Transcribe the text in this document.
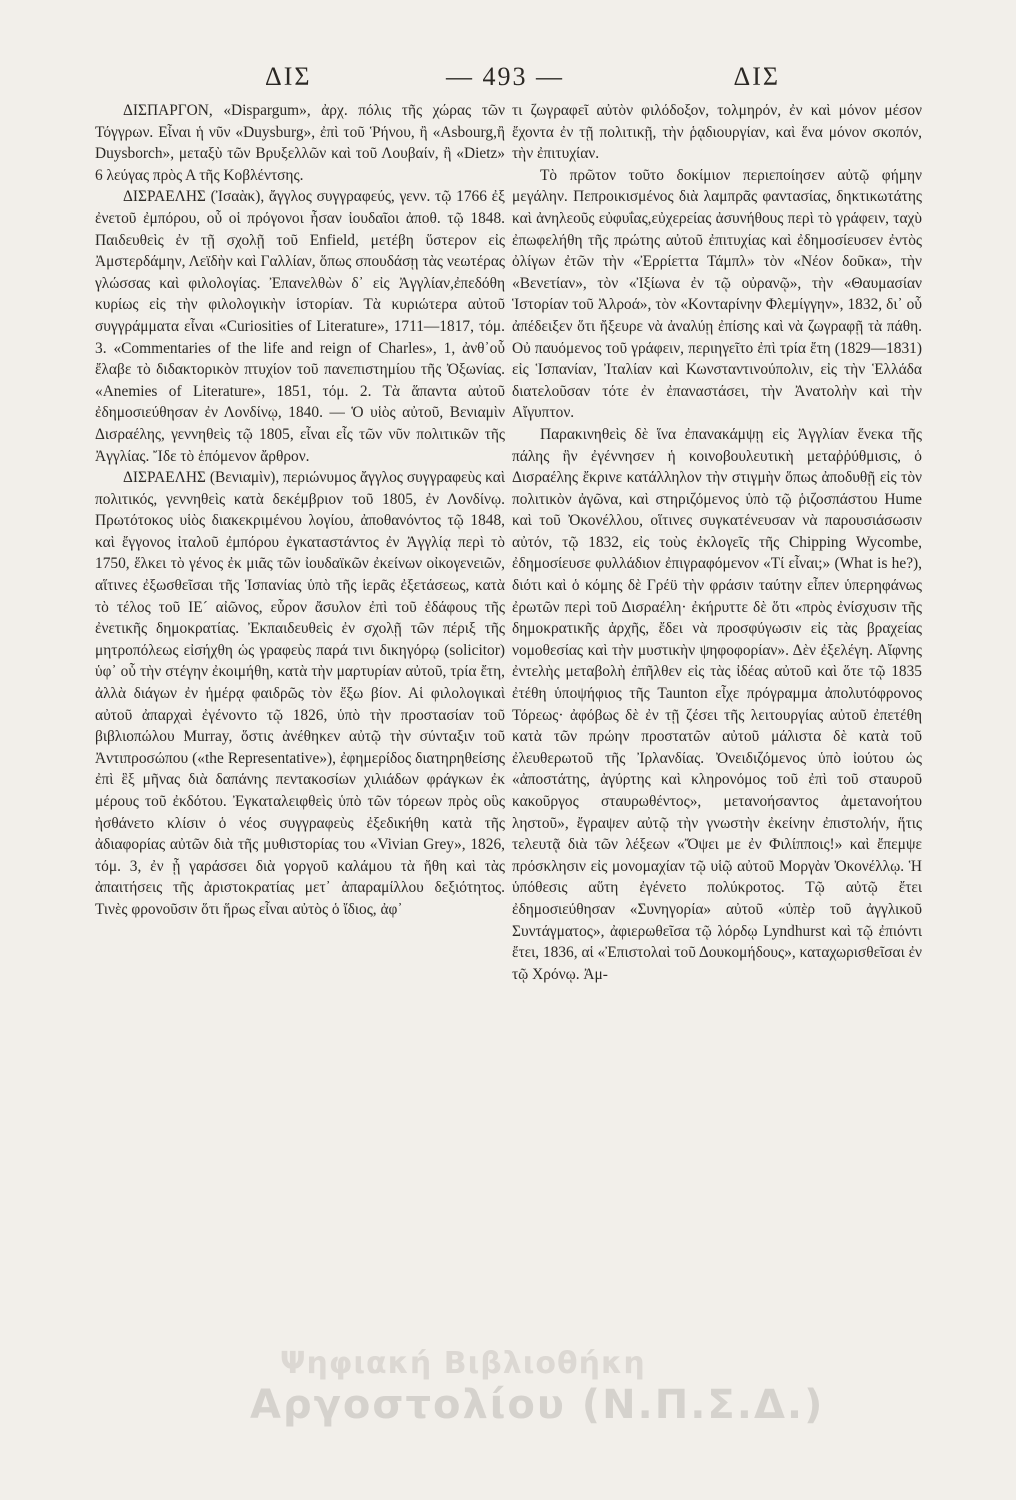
ΔΙΣ	— 493 —	ΔΙΣ

ΔΙΣΠΑΡΓΟΝ, «Dispargum», ἀρχ. πόλις τῆς χώρας τῶν Τόγγρων. Εἶναι ἡ νῦν «Duysburg», ἐπὶ τοῦ Ῥήνου, ἢ «Asbourg,ἢ Duysborch», μεταξὺ τῶν Βρυξελλῶν καὶ τοῦ Λουβαίν, ἢ «Dietz» 6 λεύγας πρὸς Α τῆς Κοβλέντσης.

ΔΙΣΡΑΕΛΗΣ (Ἰσαὰκ), ἄγγλος συγγραφεύς, γενν. τῷ 1766 ἐξ ἐνετοῦ ἐμπόρου, οὗ οἱ πρόγονοι ἦσαν ἰουδαῖοι ἀποθ. τῷ 1848. Παιδευθεὶς ἐν τῇ σχολῇ τοῦ Enfield, μετέβη ὕστερον εἰς Ἀμστερδάμην, Λεϊδὴν καὶ Γαλλίαν, ὅπως σπουδάσῃ τὰς νεωτέρας γλώσσας καὶ φιλολογίας. Ἐπανελθὼν δ᾽ εἰς Ἀγγλίαν,ἐπεδόθη κυρίως εἰς τὴν φιλολογικὴν ἱστορίαν. Τὰ κυριώτερα αὐτοῦ συγγράμματα εἶναι «Curiosities of Literature», 1711—1817, τόμ. 3. «Commentaries of the life and reign of Charles», 1, ἀνθ᾽οὗ ἔλαβε τὸ διδακτορικὸν πτυχίον τοῦ πανεπιστημίου τῆς Ὀξωνίας. «Anemies of Literature», 1851, τόμ. 2. Τὰ ἅπαντα αὐτοῦ ἐδημοσιεύθησαν ἐν Λονδίνῳ, 1840. — Ὁ υἱὸς αὐτοῦ, Βενιαμὶν Δισραέλης, γεννηθεὶς τῷ 1805, εἶναι εἷς τῶν νῦν πολιτικῶν τῆς Ἀγγλίας. Ἴδε τὸ ἑπόμενον ἄρθρον.

ΔΙΣΡΑΕΛΗΣ (Βενιαμὶν), περιώνυμος ἄγγλος συγγραφεὺς καὶ πολιτικός, γεννηθεὶς κατὰ δεκέμβριον τοῦ 1805, ἐν Λονδίνῳ. Πρωτότοκος υἱὸς διακεκριμένου λογίου, ἀποθανόντος τῷ 1848, καὶ ἔγγονος ἰταλοῦ ἐμπόρου ἐγκαταστάντος ἐν Ἀγγλίᾳ περὶ τὸ 1750, ἕλκει τὸ γένος ἐκ μιᾶς τῶν ἰουδαϊκῶν ἐκείνων οἰκογενειῶν, αἵτινες ἐξωσθεῖσαι τῆς Ἱσπανίας ὑπὸ τῆς ἱερᾶς ἐξετάσεως, κατὰ τὸ τέλος τοῦ ΙΕ´ αἰῶνος, εὗρον ἄσυλον ἐπὶ τοῦ ἐδάφους τῆς ἐνετικῆς δημοκρατίας. Ἐκπαιδευθεὶς ἐν σχολῇ τῶν πέριξ τῆς μητροπόλεως εἰσήχθη ὡς γραφεὺς παρά τινι δικηγόρῳ (solicitor) ὑφ᾽ οὗ τὴν στέγην ἐκοιμήθη, κατὰ τὴν μαρτυρίαν αὐτοῦ, τρία ἔτη, ἀλλὰ διάγων ἐν ἡμέρᾳ φαιδρῶς τὸν ἔξω βίον. Αἱ φιλολογικαὶ αὐτοῦ ἀπαρχαὶ ἐγένοντο τῷ 1826, ὑπὸ τὴν προστασίαν τοῦ βιβλιοπώλου Murray, ὅστις ἀνέθηκεν αὐτῷ τὴν σύνταξιν τοῦ Ἀντιπροσώπου («the Representative»), ἐφημερίδος διατηρηθείσης ἐπὶ ἓξ μῆνας διὰ δαπάνης πεντακοσίων χιλιάδων φράγκων ἐκ μέρους τοῦ ἐκδότου. Ἐγκαταλειφθεὶς ὑπὸ τῶν τόρεων πρὸς οὓς ἠσθάνετο κλίσιν ὁ νέος συγγραφεὺς ἐξεδικήθη κατὰ τῆς ἀδιαφορίας αὐτῶν διὰ τῆς μυθιστορίας του «Vivian Grey», 1826, τόμ. 3, ἐν ᾗ γαράσσει διὰ γοργοῦ καλάμου τὰ ἤθη καὶ τὰς ἀπαιτήσεις τῆς ἀριστοκρατίας μετ᾽ ἀπαραμίλλου δεξιότητος. Τινὲς φρονοῦσιν ὅτι ἥρως εἶναι αὐτὸς ὁ ἴδιος, ἀφ᾽

τι ζωγραφεῖ αὐτὸν φιλόδοξον, τολμηρόν, ἐν καὶ μόνον μέσον ἔχοντα ἐν τῇ πολιτικῇ, τὴν ῥᾳδιουργίαν, καὶ ἕνα μόνον σκοπόν, τὴν ἐπιτυχίαν.

Τὸ πρῶτον τοῦτο δοκίμιον περιεποίησεν αὐτῷ φήμην μεγάλην. Πεπροικισμένος διὰ λαμπρᾶς φαντασίας, δηκτικωτάτης καὶ ἀνηλεοῦς εὐφυΐας,εὐχερείας ἀσυνήθους περὶ τὸ γράφειν, ταχὺ ἐπωφελήθη τῆς πρώτης αὐτοῦ ἐπιτυχίας καὶ ἐδημοσίευσεν ἐντὸς ὀλίγων ἐτῶν τὴν «Ἐρρίεττα Τάμπλ» τὸν «Νέον δοῦκα», τὴν «Βενετίαν», τὸν «Ἰξίωνα ἐν τῷ οὐρανῷ», τὴν «Θαυμασίαν Ἱστορίαν τοῦ Ἀλροά», τὸν «Κονταρίνην Φλεμίγγην», 1832, δι᾽ οὗ ἀπέδειξεν ὅτι ἤξευρε νὰ ἀναλύῃ ἐπίσης καὶ νὰ ζωγραφῇ τὰ πάθη. Οὐ παυόμενος τοῦ γράφειν, περιηγεῖτο ἐπὶ τρία ἔτη (1829—1831) εἰς Ἱσπανίαν, Ἰταλίαν καὶ Κωνσταντινούπολιν, εἰς τὴν Ἑλλάδα διατελοῦσαν τότε ἐν ἐπαναστάσει, τὴν Ἀνατολὴν καὶ τὴν Αἴγυπτον.

Παρακινηθεὶς δὲ ἵνα ἐπανακάμψῃ εἰς Ἀγγλίαν ἕνεκα τῆς πάλης ἣν ἐγέννησεν ἡ κοινοβουλευτικὴ μεταῤῥύθμισις, ὁ Δισραέλης ἔκρινε κατάλληλον τὴν στιγμὴν ὅπως ἀποδυθῇ εἰς τὸν πολιτικὸν ἀγῶνα, καὶ στηριζόμενος ὑπὸ τῷ ῥιζοσπάστου Hume καὶ τοῦ Ὀκονέλλου, οἵτινες συγκατένευσαν νὰ παρουσιάσωσιν αὐτόν, τῷ 1832, εἰς τοὺς ἐκλογεῖς τῆς Chipping Wycombe, ἐδημοσίευσε φυλλάδιον ἐπιγραφόμενον «Τί εἶναι;» (What is he?), διότι καὶ ὁ κόμης δὲ Γρέϋ τὴν φράσιν ταύτην εἶπεν ὑπερηφάνως ἐρωτῶν περὶ τοῦ Δισραέλη· ἐκήρυττε δὲ ὅτι «πρὸς ἐνίσχυσιν τῆς δημοκρατικῆς ἀρχῆς, ἔδει νὰ προσφύγωσιν εἰς τὰς βραχείας νομοθεσίας καὶ τὴν μυστικὴν ψηφοφορίαν». Δὲν ἐξελέγη. Αἴφνης ἐντελὴς μεταβολὴ ἐπῆλθεν εἰς τὰς ἰδέας αὐτοῦ καὶ ὅτε τῷ 1835 ἐτέθη ὑποψήφιος τῆς Taunton εἶχε πρόγραμμα ἀπολυτόφρονος Τόρεως· ἀφόβως δὲ ἐν τῇ ζέσει τῆς λειτουργίας αὐτοῦ ἐπετέθη κατὰ τῶν πρώην προστατῶν αὐτοῦ μάλιστα δὲ κατὰ τοῦ ἐλευθερωτοῦ τῆς Ἰρλανδίας. Ὀνειδιζόμενος ὑπὸ ἰούτου ὡς «ἀποστάτης, ἀγύρτης καὶ κληρονόμος τοῦ ἐπὶ τοῦ σταυροῦ κακοῦργος σταυρωθέντος», μετανοήσαντος ἀμετανοήτου ληστοῦ», ἔγραψεν αὐτῷ τὴν γνωστὴν ἐκείνην ἐπιστολήν, ἥτις τελευτᾷ διὰ τῶν λέξεων «Ὄψει με ἐν Φιλίπποις!» καὶ ἔπεμψε πρόσκλησιν εἰς μονομαχίαν τῷ υἱῷ αὐτοῦ Μοργὰν Ὀκονέλλῳ. Ἡ ὑπόθεσις αὕτη ἐγένετο πολύκροτος. Τῷ αὐτῷ ἔτει ἐδημοσιεύθησαν «Συνηγορία» αὐτοῦ «ὑπὲρ τοῦ ἀγγλικοῦ Συντάγματος», ἀφιερωθεῖσα τῷ λόρδῳ Lyndhurst καὶ τῷ ἐπιόντι ἔτει, 1836, αἱ «Ἐπιστολαὶ τοῦ Δουκομήδους», καταχωρισθεῖσαι ἐν τῷ Χρόνῳ. Ἀμ-

Ψηφιακή Βιβλιοθήκη
Αργοστολίου (Ν.Π.Σ.Δ.)
